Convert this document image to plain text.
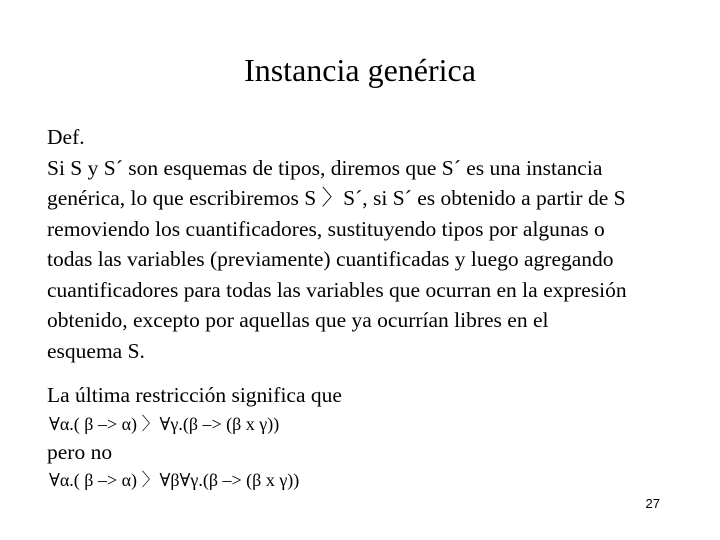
Instancia genérica
Def.
Si S y S´ son esquemas de tipos, diremos que S´ es una instancia
genérica, lo que escribiremos S 〉S´, si S´ es obtenido a partir de S
removiendo los cuantificadores, sustituyendo tipos por algunas o
todas las variables (previamente) cuantificadas y luego agregando
cuantificadores para todas las variables que ocurran en la expresión
obtenido, excepto por aquellas que ya ocurrían libres en el
esquema S.
La última restricción significa que
∀α.( β –> α) 〉∀γ.(β –> (β x γ))
pero no
∀α.( β –> α) 〉∀β∀γ.(β –> (β x γ))
27
